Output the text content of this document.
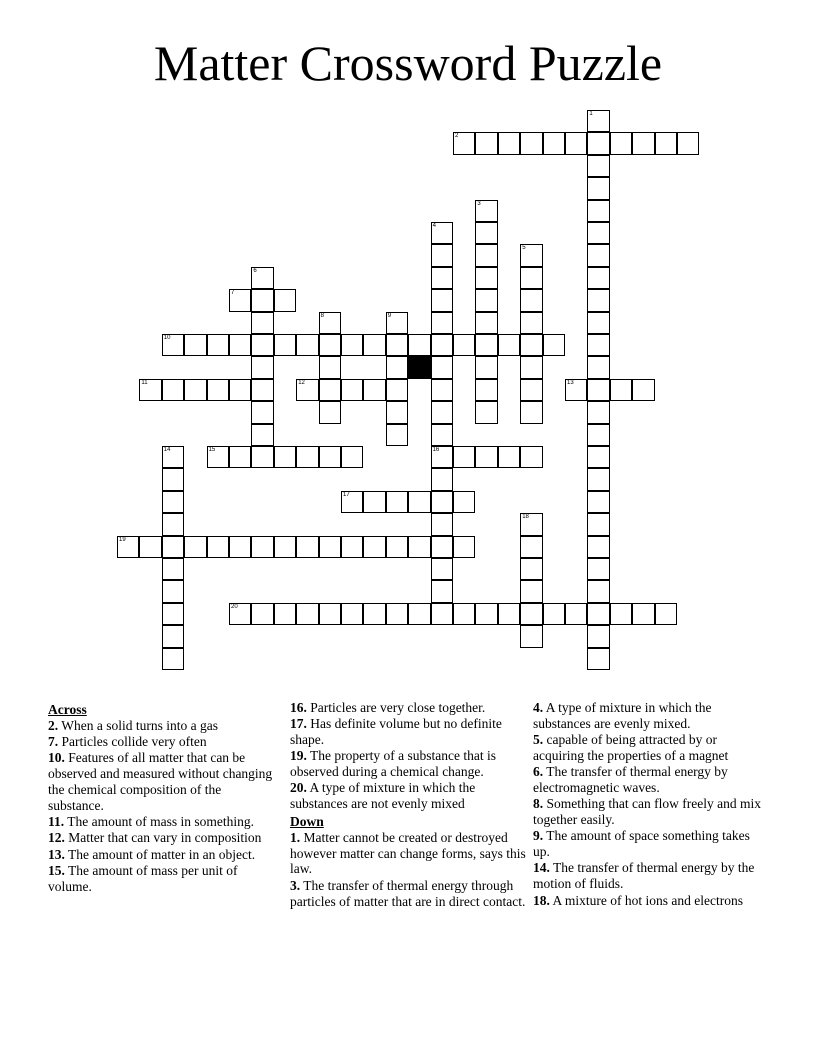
Matter Crossword Puzzle
1
2
3
4
16
5
6
7
8	9
10
11	12	13
14	15
17
18
19
20
Across
2. When a solid turns into a gas
7. Particles collide very often
10. Features of all matter that can be observed and measured without changing the chemical composition of the substance.
11. The amount of mass in something.
12. Matter that can vary in composition
13. The amount of matter in an object.
15. The amount of mass per unit of volume.
16. Particles are very close together.
17. Has definite volume but no definite shape.
19. The property of a substance that is observed during a chemical change.
20. A type of mixture in which the substances are not evenly mixed
Down
1. Matter cannot be created or destroyed however matter can change forms, says this law.
3. The transfer of thermal energy through particles of matter that are in direct contact.
4. A type of mixture in which the substances are evenly mixed.
5. capable of being attracted by or acquiring the properties of a magnet
6. The transfer of thermal energy by electromagnetic waves.
8. Something that can flow freely and mix together easily.
9. The amount of space something takes up.
14. The transfer of thermal energy by the motion of fluids.
18. A mixture of hot ions and electrons
